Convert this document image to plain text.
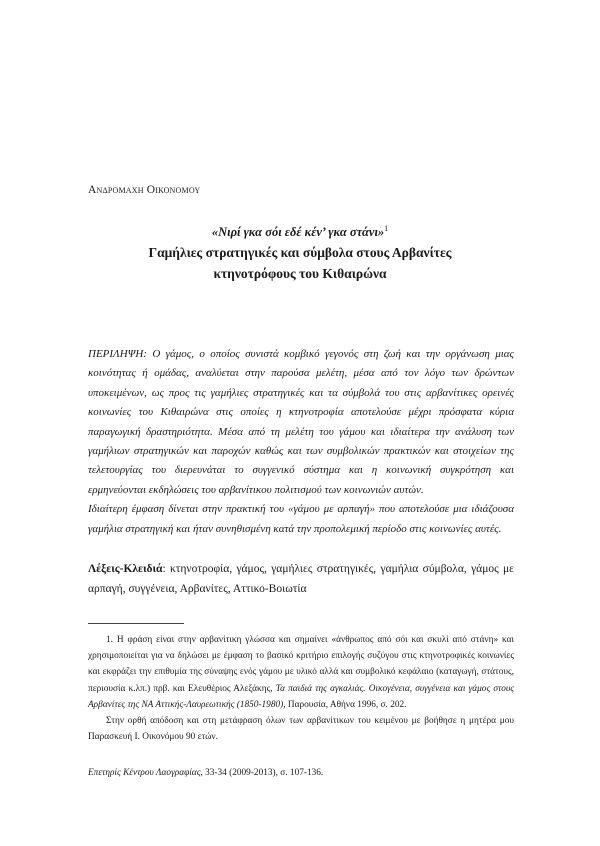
Ανδρομαχη Οικονομου
«Νιρί γκα σόι εδέ κέν’ γκα στάνι»$^1$
Γαμήλιες στρατηγικές και σύμβολα στους Αρβανίτες
κτηνοτρόφους του Κιθαιρώνα

ΠΕΡΙΛΗΨΗ: Ο γάμος, ο οποίος συνιστά κομβικό γεγονός στη ζωή και την οργάνωση μιας κοινότητας ή ομάδας, αναλύεται στην παρούσα μελέτη, μέσα από τον λόγο των δρώντων υποκειμένων, ως προς τις γαμήλιες στρατηγικές και τα σύμβολά του στις αρβανίτικες ορεινές κοινωνίες του Κιθαιρώνα στις οποίες η κτηνοτροφία αποτελούσε μέχρι πρόσφατα κύρια παραγωγική δραστηριότητα. Μέσα από τη μελέτη του γάμου και ιδιαίτερα την ανάλυση των γαμήλιων στρατηγικών και παροχών καθώς και των συμβολικών πρακτικών και στοιχείων της τελετουργίας του διερευνάται το συγγενικό σύστημα και η κοινωνική συγκρότηση και ερμηνεύονται εκδηλώσεις του αρβανίτικου πολιτισμού των κοινωνιών αυτών.

Ιδιαίτερη έμφαση δίνεται στην πρακτική του «γάμου με αρπαγή» που αποτελούσε μια ιδιάζουσα γαμήλια στρατηγική και ήταν συνηθισμένη κατά την προπολεμική περίοδο στις κοινωνίες αυτές.

Λέξεις-Κλειδιά: κτηνοτροφία, γάμος, γαμήλιες στρατηγικές, γαμήλια σύμβολα, γάμος με αρπαγή, συγγένεια, Αρβανίτες, Αττικο-Βοιωτία

1. Η φράση είναι στην αρβανίτικη γλώσσα και σημαίνει «άνθρωπος από σόι και σκυλί από στάνη» και χρησιμοποιείται για να δηλώσει με έμφαση το βασικό κριτήριο επιλογής συζύγου στις κτηνοτροφικές κοινωνίες και εκφράζει την επιθυμία της σύναψης ενός γάμου με υλικό αλλά και συμβολικό κεφάλαιο (καταγωγή, στάτους, περιουσία κ.λπ.) πρβ. και Ελευθέριος Αλεξάκης, Τα παιδιά της αγκαλιάς. Οικογένεια, συγγένεια και γάμος στους Αρβανίτες της ΝΑ Αττικής-Λαυρεωτικής (1850-1980), Παρουσία, Αθήνα 1996, σ. 202.

Στην ορθή απόδοση και στη μετάφραση όλων των αρβανίτικων του κειμένου με βοήθησε η μητέρα μου Παρασκευή Ι. Οικονόμου 90 ετών.

Επετηρίς Κέντρου Λαογραφίας, 33-34 (2009-2013), σ. 107-136.
